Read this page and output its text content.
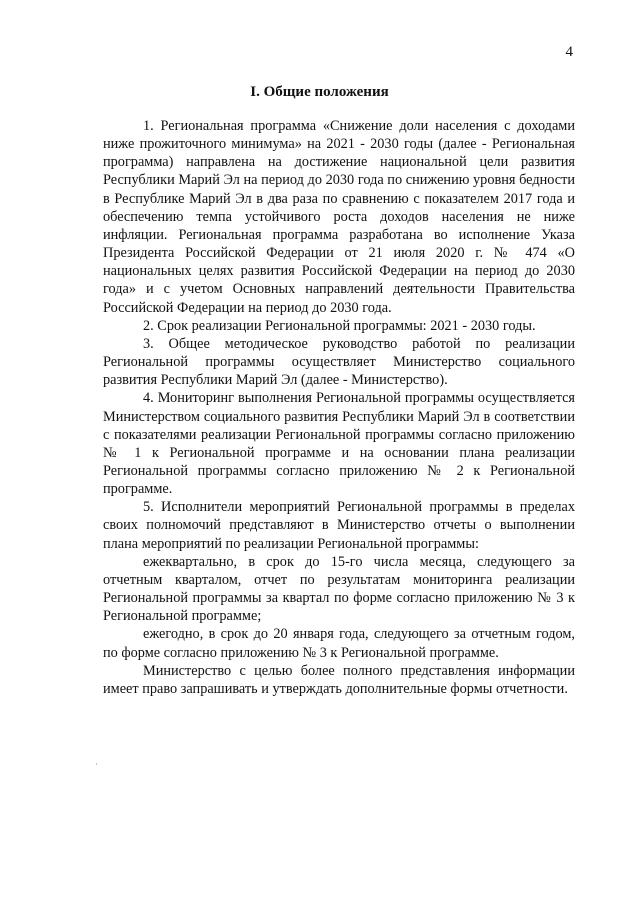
4
I. Общие положения

1. Региональная программа «Снижение доли населения с доходами ниже прожиточного минимума» на 2021 - 2030 годы (далее - Региональная программа) направлена на достижение национальной цели развития Республики Марий Эл на период до 2030 года по снижению уровня бедности в Республике Марий Эл в два раза по сравнению с показателем 2017 года и обеспечению темпа устойчивого роста доходов населения не ниже инфляции. Региональная программа разработана во исполнение Указа Президента Российской Федерации от 21 июля 2020 г. № 474 «О национальных целях развития Российской Федерации на период до 2030 года» и с учетом Основных направлений деятельности Правительства Российской Федерации на период до 2030 года.

2. Срок реализации Региональной программы: 2021 - 2030 годы.

3. Общее методическое руководство работой по реализации Региональной программы осуществляет Министерство социального развития Республики Марий Эл (далее - Министерство).

4. Мониторинг выполнения Региональной программы осуществляется Министерством социального развития Республики Марий Эл в соответствии с показателями реализации Региональной программы согласно приложению № 1 к Региональной программе и на основании плана реализации Региональной программы согласно приложению № 2 к Региональной программе.

5. Исполнители мероприятий Региональной программы в пределах своих полномочий представляют в Министерство отчеты о выполнении плана мероприятий по реализации Региональной программы:

ежеквартально, в срок до 15-го числа месяца, следующего за отчетным кварталом, отчет по результатам мониторинга реализации Региональной программы за квартал по форме согласно приложению № 3 к Региональной программе;

ежегодно, в срок до 20 января года, следующего за отчетным годом, по форме согласно приложению № 3 к Региональной программе.

Министерство с целью более полного представления информации имеет право запрашивать и утверждать дополнительные формы отчетности.
